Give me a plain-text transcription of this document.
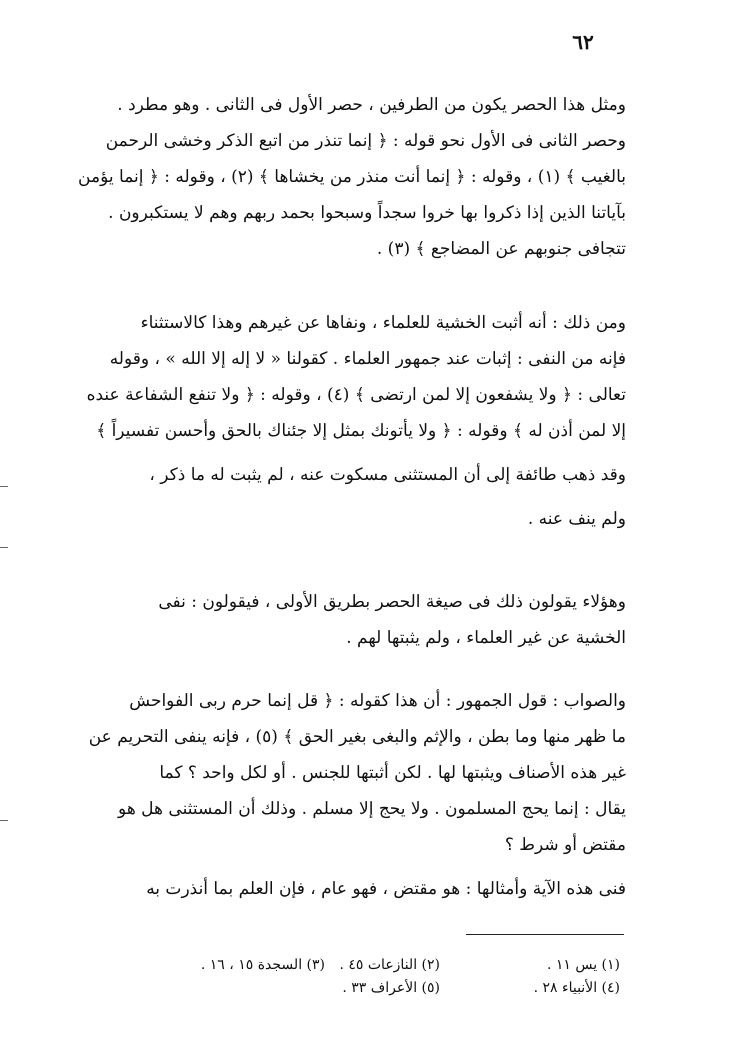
٦٢
ومثل هذا الحصر يكون من الطرفين ، حصر الأول فى الثانى . وهو مطرد .
وحصر الثانى فى الأول نحو قوله : ﴿ إنما تنذر من اتبع الذكر وخشى الرحمن
بالغيب ﴾ (١) ، وقوله : ﴿ إنما أنت منذر من يخشاها ﴾ (٢) ، وقوله : ﴿ إنما يؤمن
بآياتنا الذين إذا ذكروا بها خروا سجداً وسبحوا بحمد ربهم وهم لا يستكبرون .
تتجافى جنوبهم عن المضاجع ﴾ (٣) .
ومن ذلك : أنه أثبت الخشية للعلماء ، ونفاها عن غيرهم وهذا كالاستثناء
فإنه من النفى : إثبات عند جمهور العلماء . كقولنا « لا إله إلا الله » ، وقوله
تعالى : ﴿ ولا يشفعون إلا لمن ارتضى ﴾ (٤) ، وقوله : ﴿ ولا تنفع الشفاعة عنده
إلا لمن أذن له ﴾ وقوله : ﴿ ولا يأتونك بمثل إلا جئناك بالحق وأحسن تفسيراً ﴾
وقد ذهب طائفة إلى أن المستثنى مسكوت عنه ، لم يثبت له ما ذكر ،
ولم ينف عنه .
وهؤلاء يقولون ذلك فى صيغة الحصر بطريق الأولى ، فيقولون : نفى
الخشية عن غير العلماء ، ولم يثبتها لهم .
والصواب : قول الجمهور : أن هذا كقوله : ﴿ قل إنما حرم ربى الفواحش
ما ظهر منها وما بطن ، والإثم والبغى بغير الحق ﴾ (٥) ، فإنه ينفى التحريم عن
غير هذه الأصناف ويثبتها لها . لكن أثبتها للجنس . أو لكل واحد ؟ كما
يقال : إنما يحج المسلمون . ولا يحج إلا مسلم . وذلك أن المستثنى هل هو
مقتض أو شرط ؟
فنى هذه الآية وأمثالها : هو مقتض ، فهو عام ، فإن العلم بما أنذرت به
(١) يس ١١ .
(٢) النازعات ٤٥ .
(٣) السجدة ١٥ ، ١٦ .
(٤) الأنبياء ٢٨ .
(٥) الأعراف ٣٣ .
